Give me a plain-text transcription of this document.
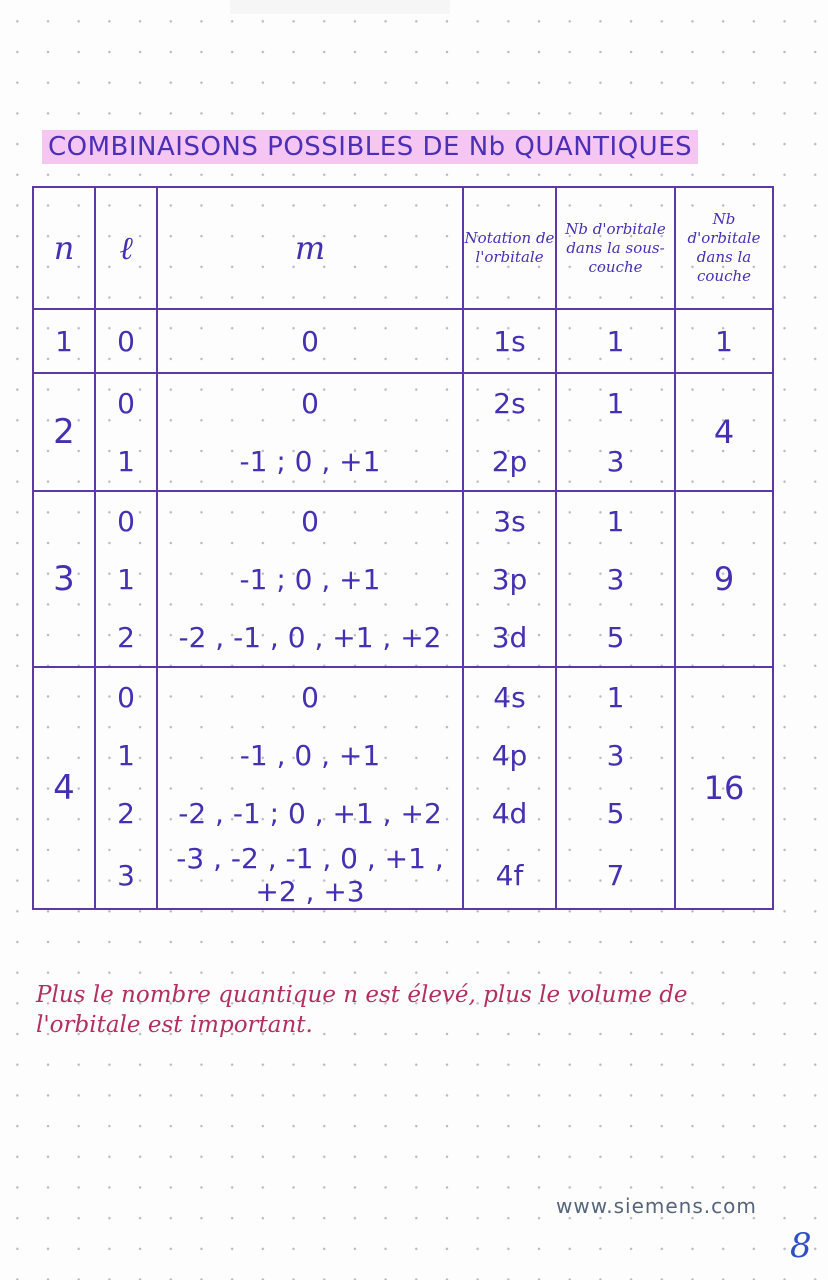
COMBINAISONS POSSIBLES DE Nb QUANTIQUES
n	ℓ	m	Notation de l'orbitale	Nb d'orbitale dans la sous-couche	Nb d'orbitale dans la couche
1	0	0	1s	1	1
2	0	0	2s	1	4
	1	-1 ; 0 , +1	2p	3	
3	0	0	3s	1	9
	1	-1 ; 0 , +1	3p	3	
	2	-2 , -1 , 0 , +1 , +2	3d	5	
4	0	0	4s	1	16
	1	-1 , 0 , +1	4p	3	
	2	-2 , -1 ; 0 , +1 , +2	4d	5	
	3	-3 , -2 , -1 , 0 , +1 , +2 , +3	4f	7	
Plus le nombre quantique n est élevé, plus le volume de l'orbitale est important.
www.siemens.com
8
